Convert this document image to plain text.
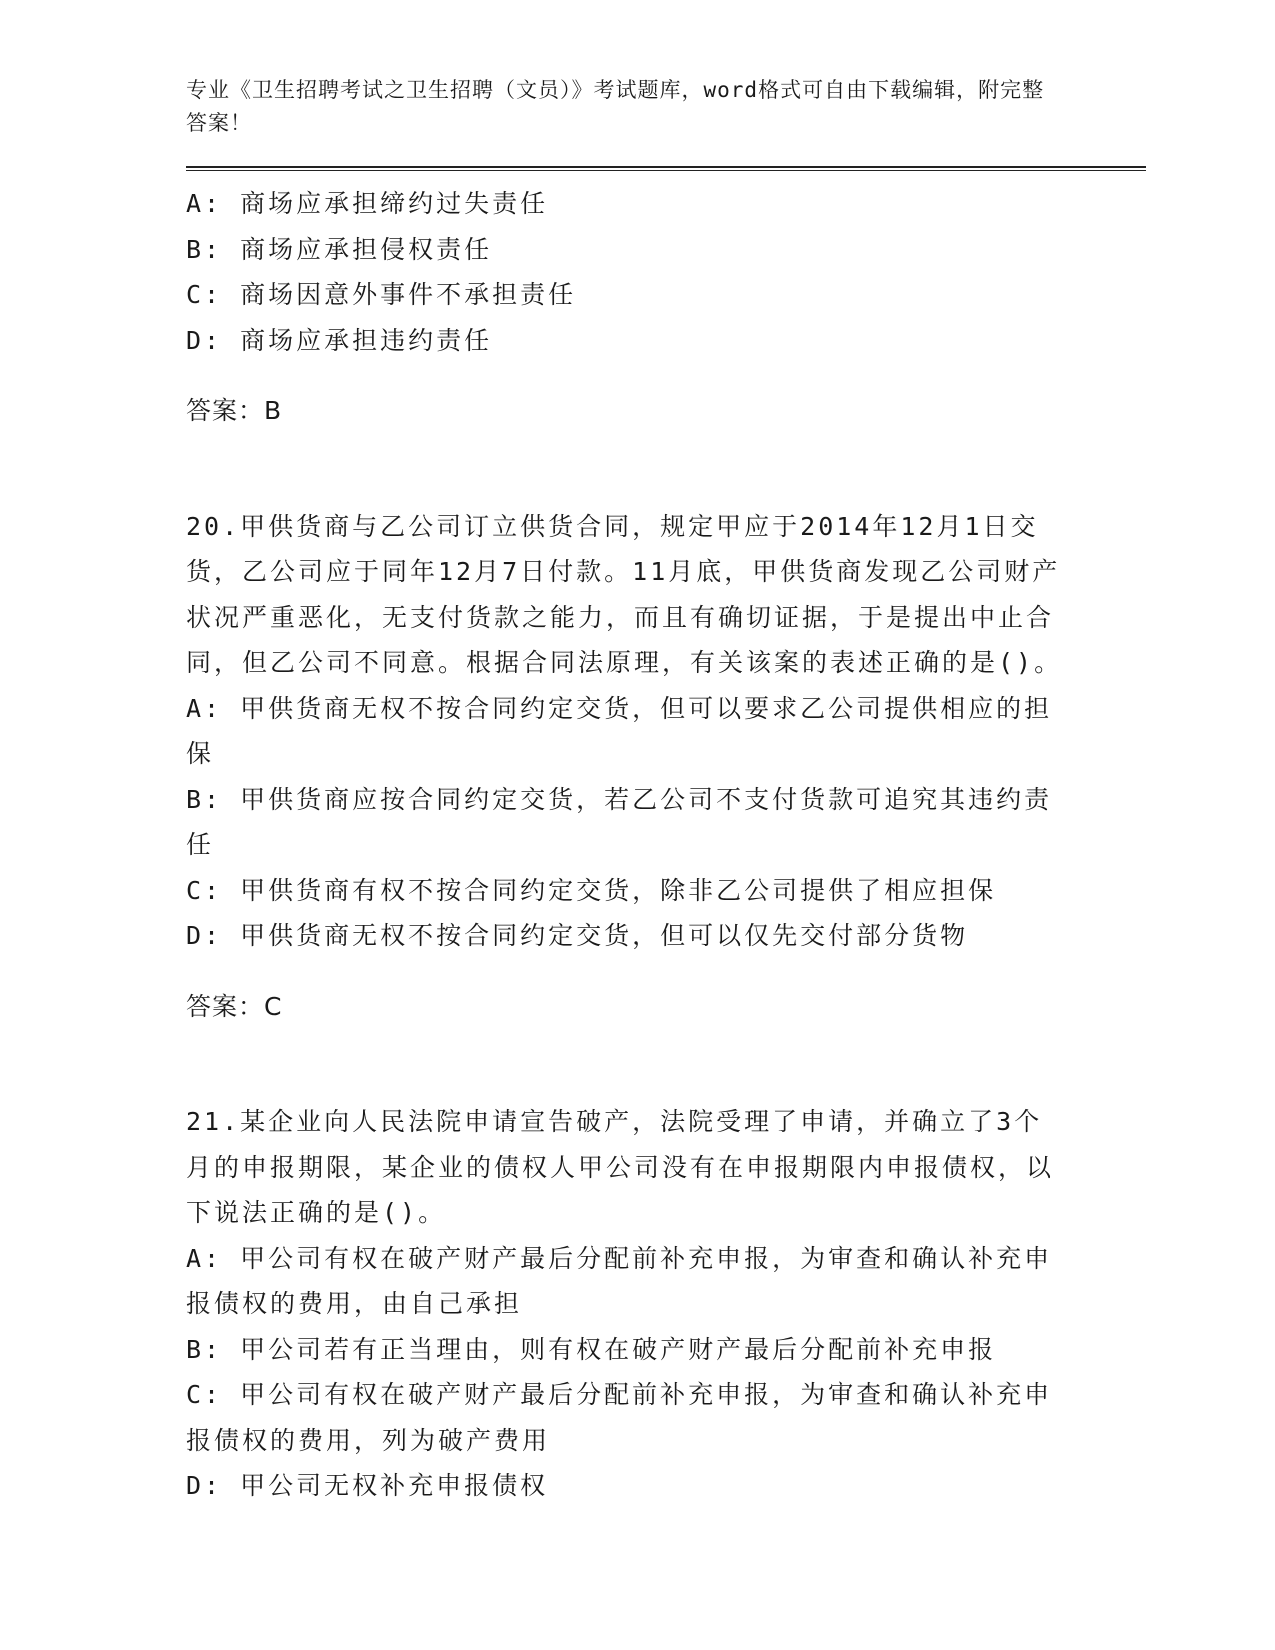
专业《卫生招聘考试之卫生招聘（文员）》考试题库，word格式可自由下载编辑，附完整答案！

A: 商场应承担缔约过失责任

B: 商场应承担侵权责任

C: 商场因意外事件不承担责任

D: 商场应承担违约责任

答案：B

20.甲供货商与乙公司订立供货合同，规定甲应于2014年12月1日交货，乙公司应于同年12月7日付款。11月底，甲供货商发现乙公司财产状况严重恶化，无支付货款之能力，而且有确切证据，于是提出中止合同，但乙公司不同意。根据合同法原理，有关该案的表述正确的是()。

A: 甲供货商无权不按合同约定交货，但可以要求乙公司提供相应的担保

B: 甲供货商应按合同约定交货，若乙公司不支付货款可追究其违约责任

C: 甲供货商有权不按合同约定交货，除非乙公司提供了相应担保

D: 甲供货商无权不按合同约定交货，但可以仅先交付部分货物

答案：C

21.某企业向人民法院申请宣告破产，法院受理了申请，并确立了3个月的申报期限，某企业的债权人甲公司没有在申报期限内申报债权，以下说法正确的是()。

A: 甲公司有权在破产财产最后分配前补充申报，为审查和确认补充申报债权的费用，由自己承担

B: 甲公司若有正当理由，则有权在破产财产最后分配前补充申报

C: 甲公司有权在破产财产最后分配前补充申报，为审查和确认补充申报债权的费用，列为破产费用

D: 甲公司无权补充申报债权
